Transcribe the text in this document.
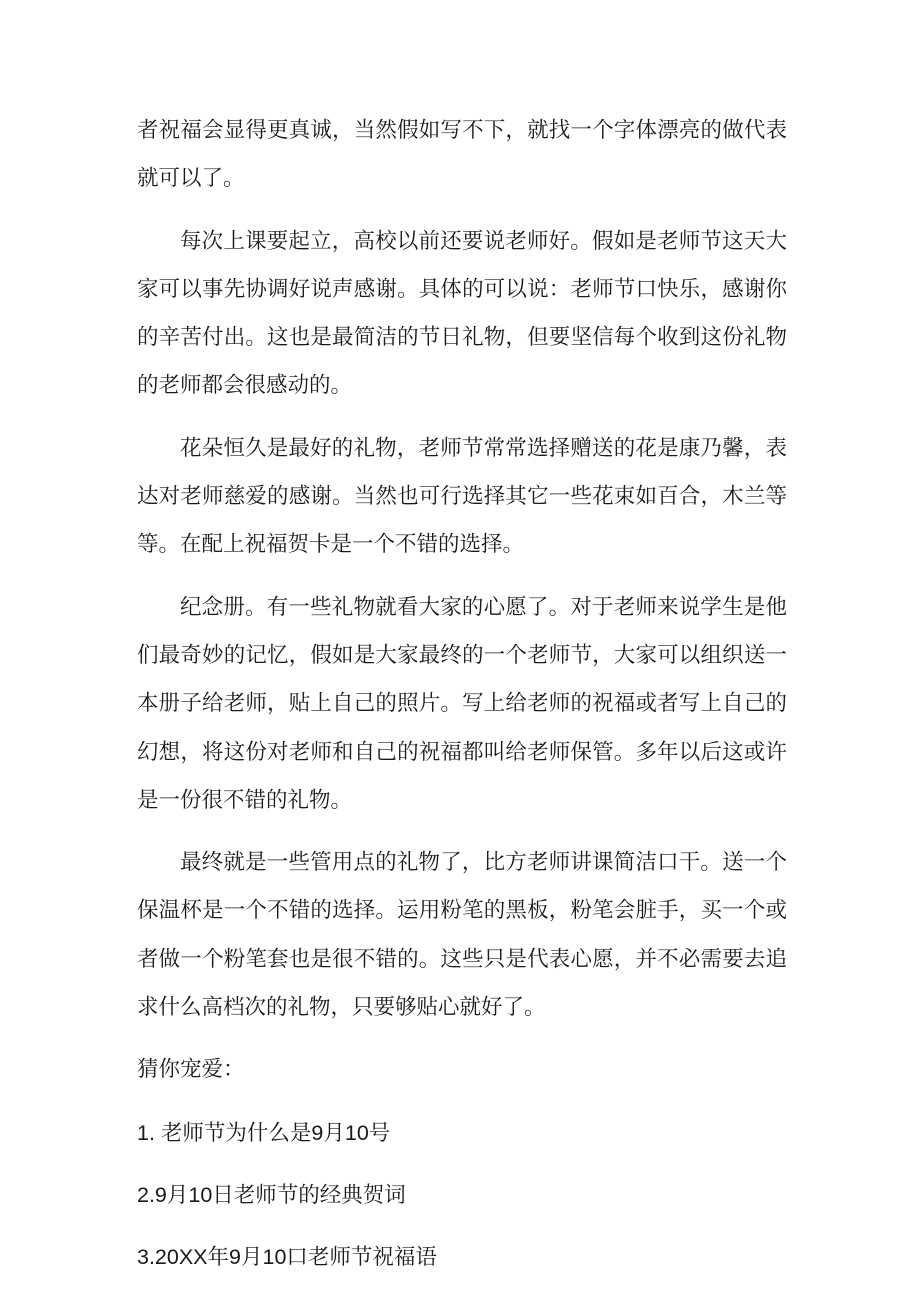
者祝福会显得更真诚，当然假如写不下，就找一个字体漂亮的做代表就可以了。

每次上课要起立，高校以前还要说老师好。假如是老师节这天大家可以事先协调好说声感谢。具体的可以说：老师节口快乐，感谢你的辛苦付出。这也是最简洁的节日礼物，但要坚信每个收到这份礼物的老师都会很感动的。

花朵恒久是最好的礼物，老师节常常选择赠送的花是康乃馨，表达对老师慈爱的感谢。当然也可行选择其它一些花束如百合，木兰等等。在配上祝福贺卡是一个不错的选择。

纪念册。有一些礼物就看大家的心愿了。对于老师来说学生是他们最奇妙的记忆，假如是大家最终的一个老师节，大家可以组织送一本册子给老师，贴上自己的照片。写上给老师的祝福或者写上自己的幻想，将这份对老师和自己的祝福都叫给老师保管。多年以后这或许是一份很不错的礼物。

最终就是一些管用点的礼物了，比方老师讲课简洁口干。送一个保温杯是一个不错的选择。运用粉笔的黑板，粉笔会脏手，买一个或者做一个粉笔套也是很不错的。这些只是代表心愿，并不必需要去追求什么高档次的礼物，只要够贴心就好了。

猜你宠爱：

1. 老师节为什么是9月10号

2.9月10日老师节的经典贺词

3.20XX年9月10口老师节祝福语
